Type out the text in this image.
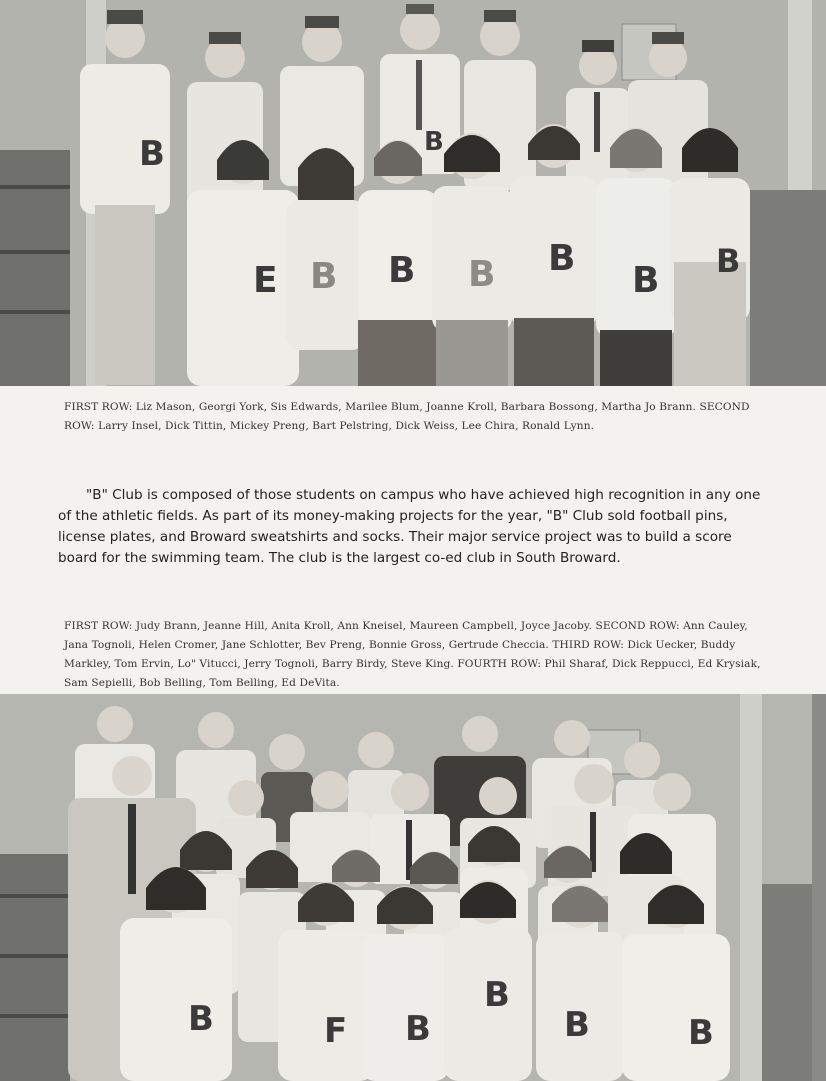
B	B
E B B B B
B B

FIRST ROW: Liz Mason, Georgi York, Sis Edwards, Marilee Blum, Joanne Kroll, Barbara Bossong, Martha Jo Brann. SECOND ROW: Larry Insel, Dick Tittin, Mickey Preng, Bart Pelstring, Dick Weiss, Lee Chira, Ronald Lynn.

"B" Club is composed of those students on campus who have achieved high recognition in any one of the athletic fields. As part of its money-making projects for the year, "B" Club sold football pins, license plates, and Broward sweatshirts and socks. Their major service project was to build a score board for the swimming team. The club is the largest co-ed club in South Broward.

FIRST ROW: Judy Brann, Jeanne Hill, Anita Kroll, Ann Kneisel, Maureen Campbell, Joyce Jacoby. SECOND ROW: Ann Cauley, Jana Tognoli, Helen Cromer, Jane Schlotter, Bev Preng, Bonnie Gross, Gertrude Checcia. THIRD ROW: Dick Uecker, Buddy Markley, Tom Ervin, Lo" Vitucci, Jerry Tognoli, Barry Birdy, Steve King. FOURTH ROW: Phil Sharaf, Dick Reppucci, Ed Krysiak, Sam Sepielli, Bob Belling, Tom Belling, Ed DeVita.

B	F B
B
B	B
